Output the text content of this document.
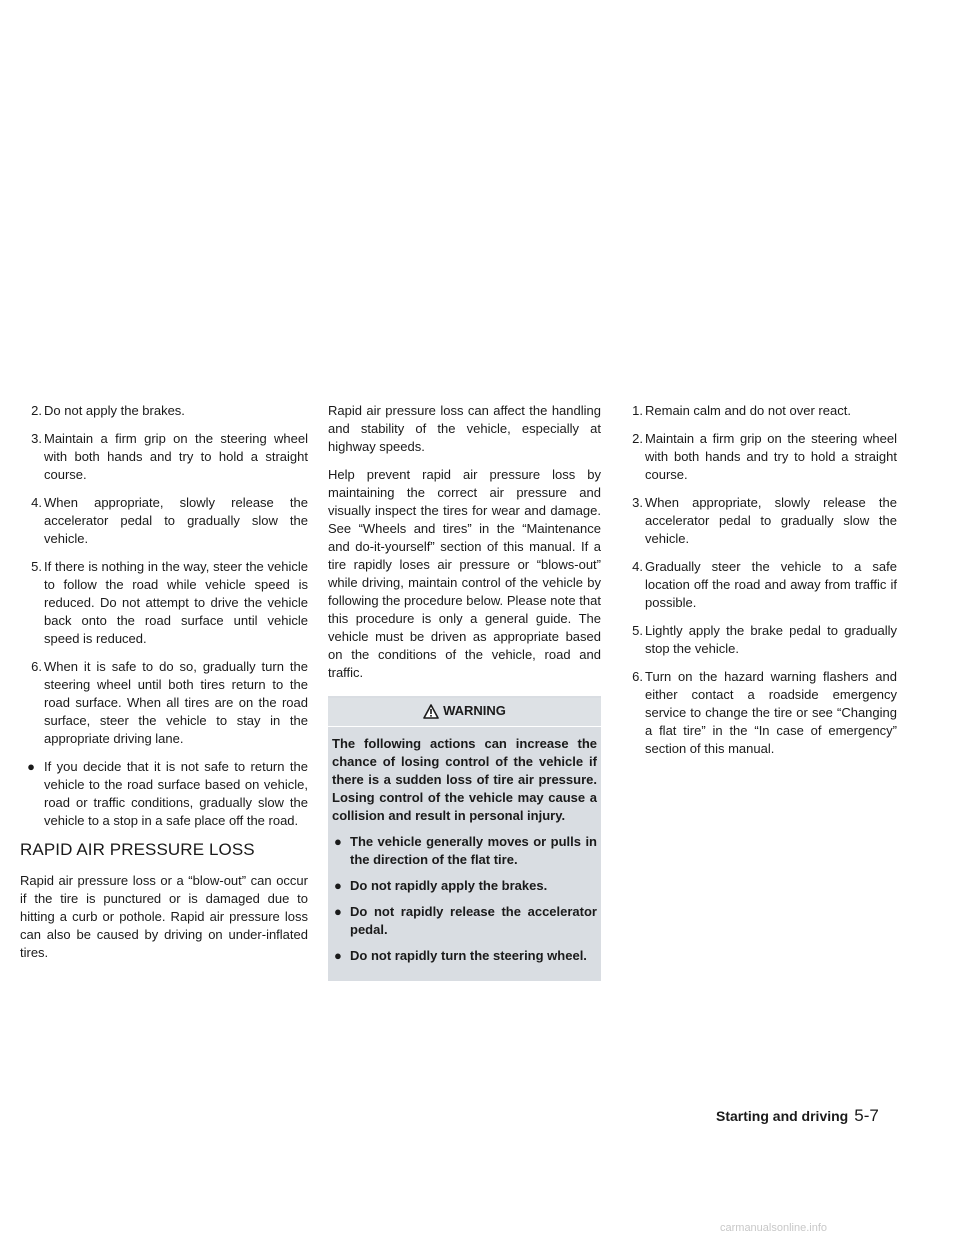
2. Do not apply the brakes.
3. Maintain a firm grip on the steering wheel with both hands and try to hold a straight course.
4. When appropriate, slowly release the accelerator pedal to gradually slow the vehicle.
5. If there is nothing in the way, steer the vehicle to follow the road while vehicle speed is reduced. Do not attempt to drive the vehicle back onto the road surface until vehicle speed is reduced.
6. When it is safe to do so, gradually turn the steering wheel until both tires return to the road surface. When all tires are on the road surface, steer the vehicle to stay in the appropriate driving lane.
● If you decide that it is not safe to return the vehicle to the road surface based on vehicle, road or traffic conditions, gradually slow the vehicle to a stop in a safe place off the road.
RAPID AIR PRESSURE LOSS

Rapid air pressure loss or a “blow-out” can occur if the tire is punctured or is damaged due to hitting a curb or pothole. Rapid air pressure loss can also be caused by driving on under-inflated tires.

Rapid air pressure loss can affect the handling and stability of the vehicle, especially at highway speeds.

Help prevent rapid air pressure loss by maintaining the correct air pressure and visually inspect the tires for wear and damage. See “Wheels and tires” in the “Maintenance and do-it-yourself” section of this manual. If a tire rapidly loses air pressure or “blows-out” while driving, maintain control of the vehicle by following the procedure below. Please note that this procedure is only a general guide. The vehicle must be driven as appropriate based on the conditions of the vehicle, road and traffic.

WARNING

The following actions can increase the chance of losing control of the vehicle if there is a sudden loss of tire air pressure. Losing control of the vehicle may cause a collision and result in personal injury.

● The vehicle generally moves or pulls in the direction of the flat tire.
● Do not rapidly apply the brakes.
● Do not rapidly release the accelerator pedal.
● Do not rapidly turn the steering wheel.
1. Remain calm and do not over react.
2. Maintain a firm grip on the steering wheel with both hands and try to hold a straight course.
3. When appropriate, slowly release the accelerator pedal to gradually slow the vehicle.
4. Gradually steer the vehicle to a safe location off the road and away from traffic if possible.
5. Lightly apply the brake pedal to gradually stop the vehicle.
6. Turn on the hazard warning flashers and either contact a roadside emergency service to change the tire or see “Changing a flat tire” in the “In case of emergency” section of this manual.
Starting and driving 5-7
carmanualsonline.info
